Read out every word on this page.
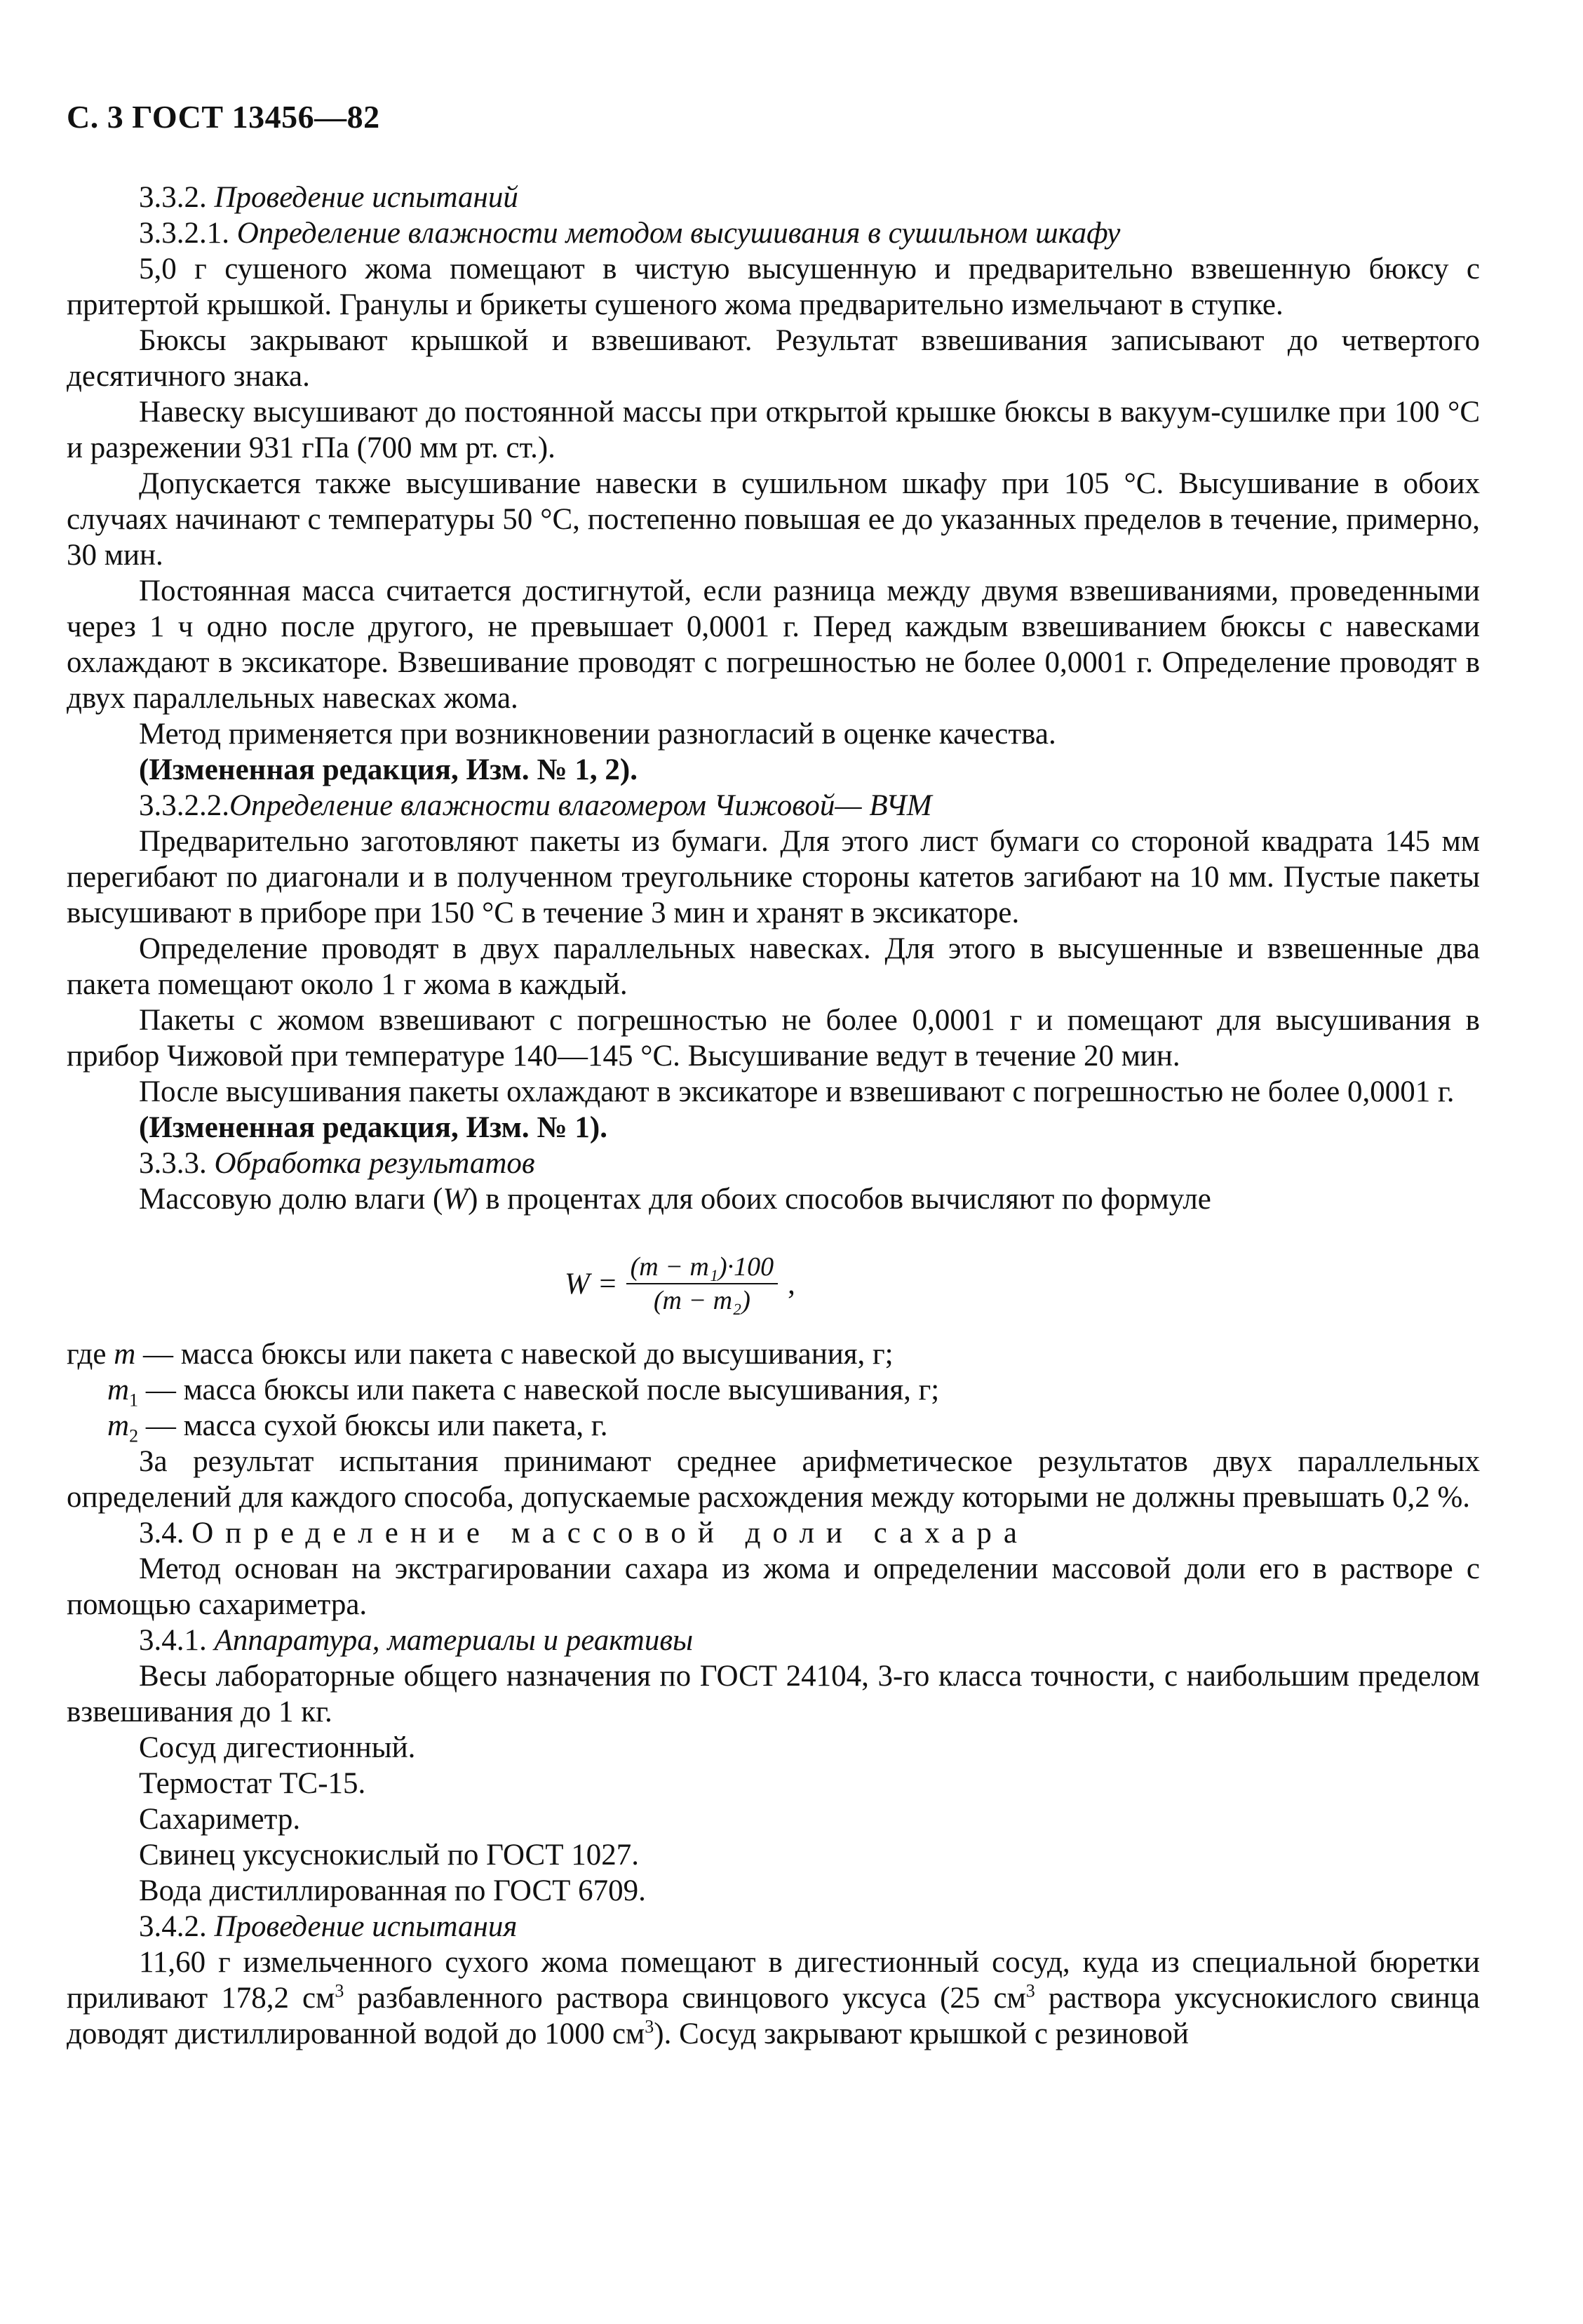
С. 3 ГОСТ 13456—82

3.3.2. Проведение испытаний

3.3.2.1. Определение влажности методом высушивания в сушильном шкафу

5,0 г сушеного жома помещают в чистую высушенную и предварительно взвешенную бюксу с притертой крышкой. Гранулы и брикеты сушеного жома предварительно измельчают в ступке.

Бюксы закрывают крышкой и взвешивают. Результат взвешивания записывают до четвертого десятичного знака.

Навеску высушивают до постоянной массы при открытой крышке бюксы в вакуум-сушилке при 100 °С и разрежении 931 гПа (700 мм рт. ст.).

Допускается также высушивание навески в сушильном шкафу при 105 °С. Высушивание в обоих случаях начинают с температуры 50 °С, постепенно повышая ее до указанных пределов в течение, примерно, 30 мин.

Постоянная масса считается достигнутой, если разница между двумя взвешиваниями, проведенными через 1 ч одно после другого, не превышает 0,0001 г. Перед каждым взвешиванием бюксы с навесками охлаждают в эксикаторе. Взвешивание проводят с погрешностью не более 0,0001 г. Определение проводят в двух параллельных навесках жома.

Метод применяется при возникновении разногласий в оценке качества.

(Измененная редакция, Изм. № 1, 2).

3.3.2.2.Определение влажности влагомером Чижовой— ВЧМ

Предварительно заготовляют пакеты из бумаги. Для этого лист бумаги со стороной квадрата 145 мм перегибают по диагонали и в полученном треугольнике стороны катетов загибают на 10 мм. Пустые пакеты высушивают в приборе при 150 °С в течение 3 мин и хранят в эксикаторе.

Определение проводят в двух параллельных навесках. Для этого в высушенные и взвешенные два пакета помещают около 1 г жома в каждый.

Пакеты с жомом взвешивают с погрешностью не более 0,0001 г и помещают для высушивания в прибор Чижовой при температуре 140—145 °С. Высушивание ведут в течение 20 мин.

После высушивания пакеты охлаждают в эксикаторе и взвешивают с погрешностью не более 0,0001 г.

(Измененная редакция, Изм. № 1).

3.3.3. Обработка результатов

Массовую долю влаги (W) в процентах для обоих способов вычисляют по формуле

$W = \frac{\text{(m − m₁)·100}}{\text{(m − m₂)}}$ ,

где m — масса бюксы или пакета с навеской до высушивания, г;

$m_1$ — масса бюксы или пакета с навеской после высушивания, г;

$m_2$ — масса сухой бюксы или пакета, г.

За результат испытания принимают среднее арифметическое результатов двух параллельных определений для каждого способа, допускаемые расхождения между которыми не должны превышать 0,2 %.

3.4. Определение массовой доли сахара

Метод основан на экстрагировании сахара из жома и определении массовой доли его в растворе с помощью сахариметра.

3.4.1. Аппаратура, материалы и реактивы

Весы лабораторные общего назначения по ГОСТ 24104, 3-го класса точности, с наибольшим пределом взвешивания до 1 кг.

Сосуд дигестионный.

Термостат ТС-15.

Сахариметр.

Свинец уксуснокислый по ГОСТ 1027.

Вода дистиллированная по ГОСТ 6709.

3.4.2. Проведение испытания

11,60 г измельченного сухого жома помещают в дигестионный сосуд, куда из специальной бюретки приливают 178,2 $см^3$ разбавленного раствора свинцового уксуса (25 $см^3$ раствора уксуснокислого свинца доводят дистиллированной водой до 1000 $см^3$). Сосуд закрывают крышкой с резиновой
